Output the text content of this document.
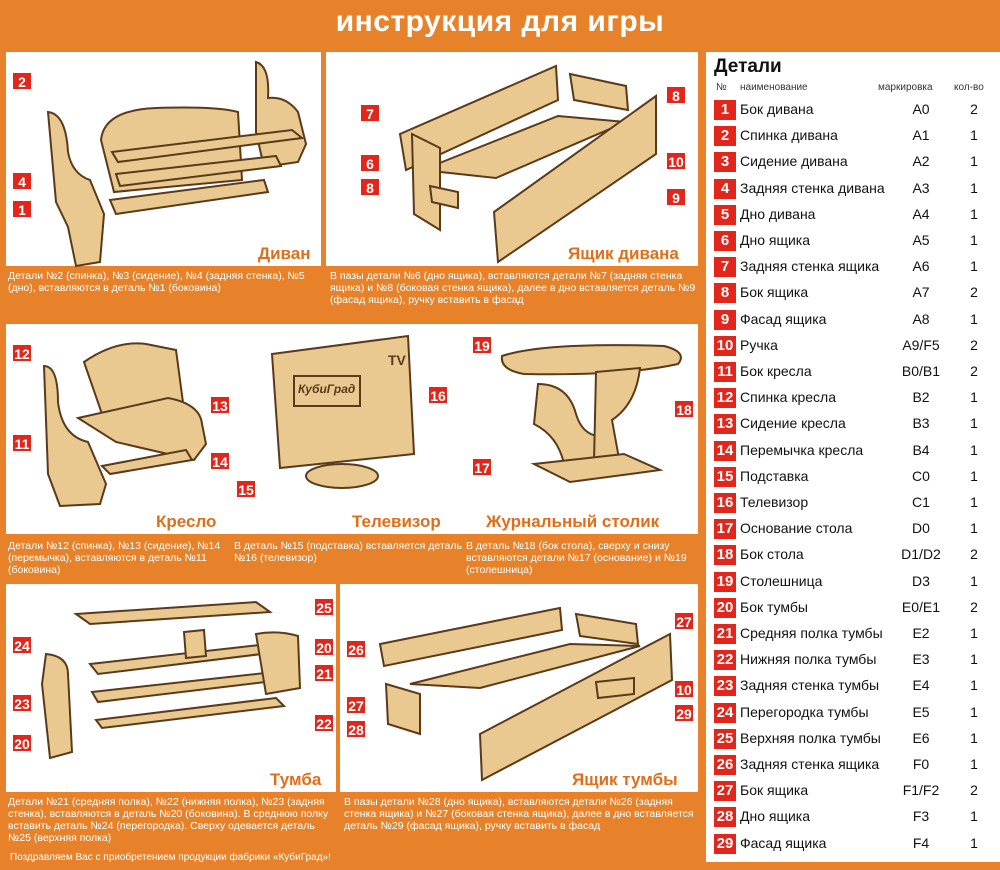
инструкция для игры
Диван
2
4
1
Детали №2 (спинка), №3 (сидение), №4 (задняя стенка), №5 (дно), вставляются в деталь №1 (боковина)
Ящик дивана
7
6
8
8
10
9
В пазы детали №6 (дно ящика), вставляются детали №7 (задняя стенка ящика) и №8 (боковая стенка ящика), далее в дно вставляется деталь №9 (фасад ящика), ручку вставить в фасад
Кресло
12
13
11
14
Детали №12 (спинка), №13 (сидение), №14 (перемычка), вставляются в деталь №11 (боковина)
КубиГрад
TV
Телевизор
16
15
В деталь №15 (подставка) вставляется деталь №16 (телевизор)
Журнальный столик
19
18
17
В деталь №18 (бок стола), сверху и снизу вставляются детали №17 (основание) и №19 (столешница)
Тумба
25
24	20
21
23
22
20
Детали №21 (средняя полка), №22 (нижняя полка), №23 (задняя стенка), вставляются в деталь №20 (боковина). В среднюю полку вставить деталь №24 (перегородка). Сверху одевается деталь №25 (верхняя полка)
Ящик тумбы
26
27
10
27	29
28
В пазы детали №28 (дно ящика), вставляются детали №26 (задняя стенка ящика) и №27 (боковая стенка ящика), далее в дно вставляется деталь №29 (фасад ящика), ручку вставить в фасад
Поздравляем Вас с приобретением продукции фабрики «КубиГрад»!
Детали
№ наименование	маркировка кол-во
1 Бок дивана	A0	2
2 Спинка дивана	A1	1
3 Сидение дивана	A2	1
4 Задняя стенка дивана	A3	1
5 Дно дивана	A4	1
6 Дно ящика	A5	1
7 Задняя стенка ящика	A6	1
8 Бок ящика	A7	2
9 Фасад ящика	A8	1
10 Ручка	A9/F5	2
11 Бок кресла	B0/B1	2
12 Спинка кресла	B2	1
13 Сидение кресла	B3	1
14 Перемычка кресла	B4	1
15 Подставка	C0	1
16 Телевизор	C1	1
17 Основание стола	D0	1
18 Бок стола	D1/D2	2
19 Столешница	D3	1
20 Бок тумбы	E0/E1	2
21 Средняя полка тумбы	E2	1
22 Нижняя полка тумбы	E3	1
23 Задняя стенка тумбы	E4	1
24 Перегородка тумбы	E5	1
25 Верхняя полка тумбы	E6	1
26 Задняя стенка ящика	F0	1
27 Бок ящика	F1/F2	2
28 Дно ящика	F3	1
29 Фасад ящика	F4	1
